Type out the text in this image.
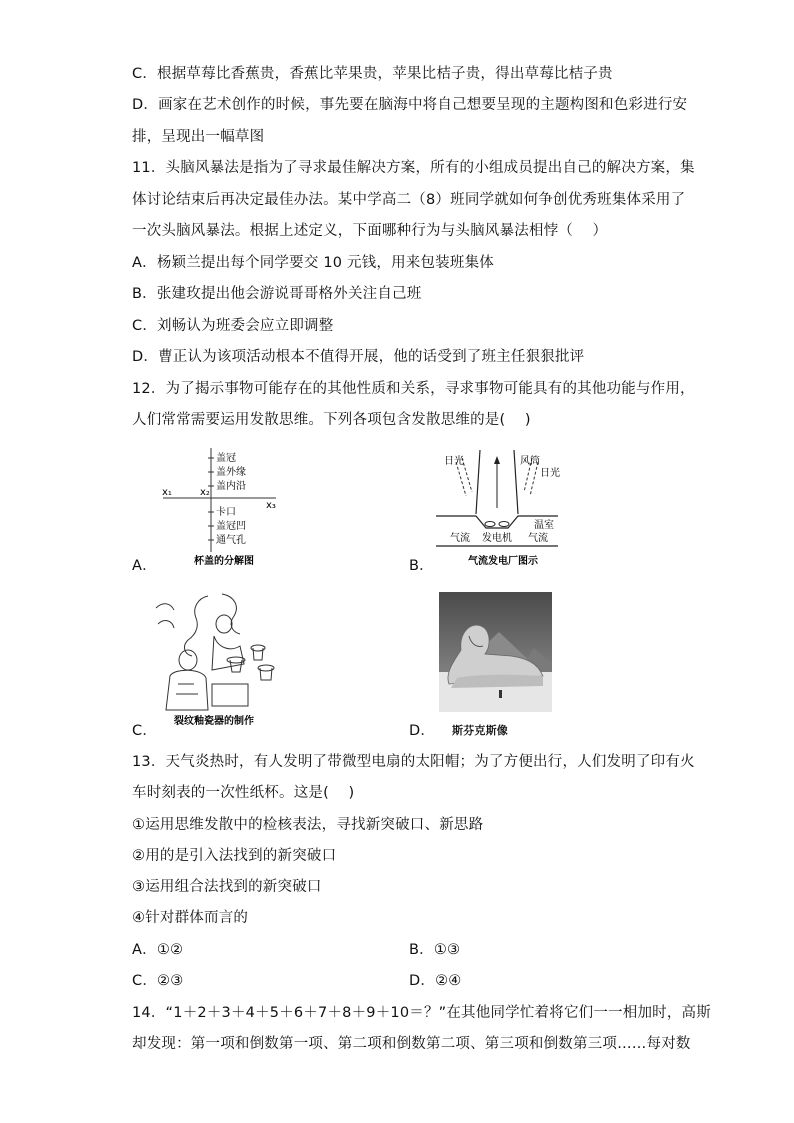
C．根据草莓比香蕉贵，香蕉比苹果贵，苹果比桔子贵，得出草莓比桔子贵
D．画家在艺术创作的时候，事先要在脑海中将自己想要呈现的主题构图和色彩进行安
排，呈现出一幅草图
11．头脑风暴法是指为了寻求最佳解决方案，所有的小组成员提出自己的解决方案，集
体讨论结束后再决定最佳办法。某中学高二（8）班同学就如何争创优秀班集体采用了
一次头脑风暴法。根据上述定义，下面哪种行为与头脑风暴法相悖（　 ）
A．杨颖兰提出每个同学要交 10 元钱，用来包装班集体
B．张建玫提出他会游说哥哥格外关注自己班
C．刘畅认为班委会应立即调整
D．曹正认为该项活动根本不值得开展，他的话受到了班主任狠狠批评
12．为了揭示事物可能存在的其他性质和关系，寻求事物可能具有的其他功能与作用，
人们常常需要运用发散思维。下列各项包含发散思维的是(　 )
盖冠
盖外缘
盖内沿
卡口
盖冠凹
通气孔
x₁	x₂
x₃
杯盖的分解图
A．
日光	风筒
日光
温室
气流 发电机 气流
气流发电厂图示
B．
裂纹釉瓷器的制作
C．	D． 斯芬克斯像
13．天气炎热时，有人发明了带微型电扇的太阳帽；为了方便出行，人们发明了印有火
车时刻表的一次性纸杯。这是(　 )
①运用思维发散中的检核表法，寻找新突破口、新思路
②用的是引入法找到的新突破口
③运用组合法找到的新突破口
④针对群体而言的
A．①②	B．①③
C．②③	D．②④
14．“1＋2＋3＋4＋5＋6＋7＋8＋9＋10＝？”在其他同学忙着将它们一一相加时，高斯
却发现：第一项和倒数第一项、第二项和倒数第二项、第三项和倒数第三项……每对数
